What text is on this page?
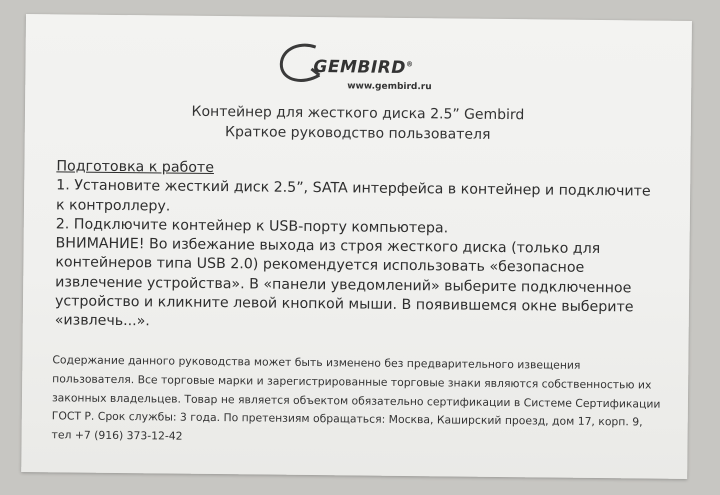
GEMBIRD®
www.gembird.ru
Контейнер для жесткого диска 2.5” Gembird
Краткое руководство пользователя
Подготовка к работе
1. Установите жесткий диск 2.5”, SATA интерфейса в контейнер и подключите
к контроллеру.
2. Подключите контейнер к USB-порту компьютера.
ВНИМАНИЕ! Во избежание выхода из строя жесткого диска (только для
контейнеров типа USB 2.0) рекомендуется использовать «безопасное
извлечение устройства». В «панели уведомлений» выберите подключенное
устройство и кликните левой кнопкой мыши. В появившемся окне выберите
«извлечь...».
Содержание данного руководства может быть изменено без предварительного извещения
пользователя. Все торговые марки и зарегистрированные торговые знаки являются собственностью их
законных владельцев. Товар не является объектом обязательно сертификации в Системе Сертификации
ГОСТ Р. Срок службы: 3 года. По претензиям обращаться: Москва, Каширский проезд, дом 17, корп. 9,
тел +7 (916) 373-12-42
